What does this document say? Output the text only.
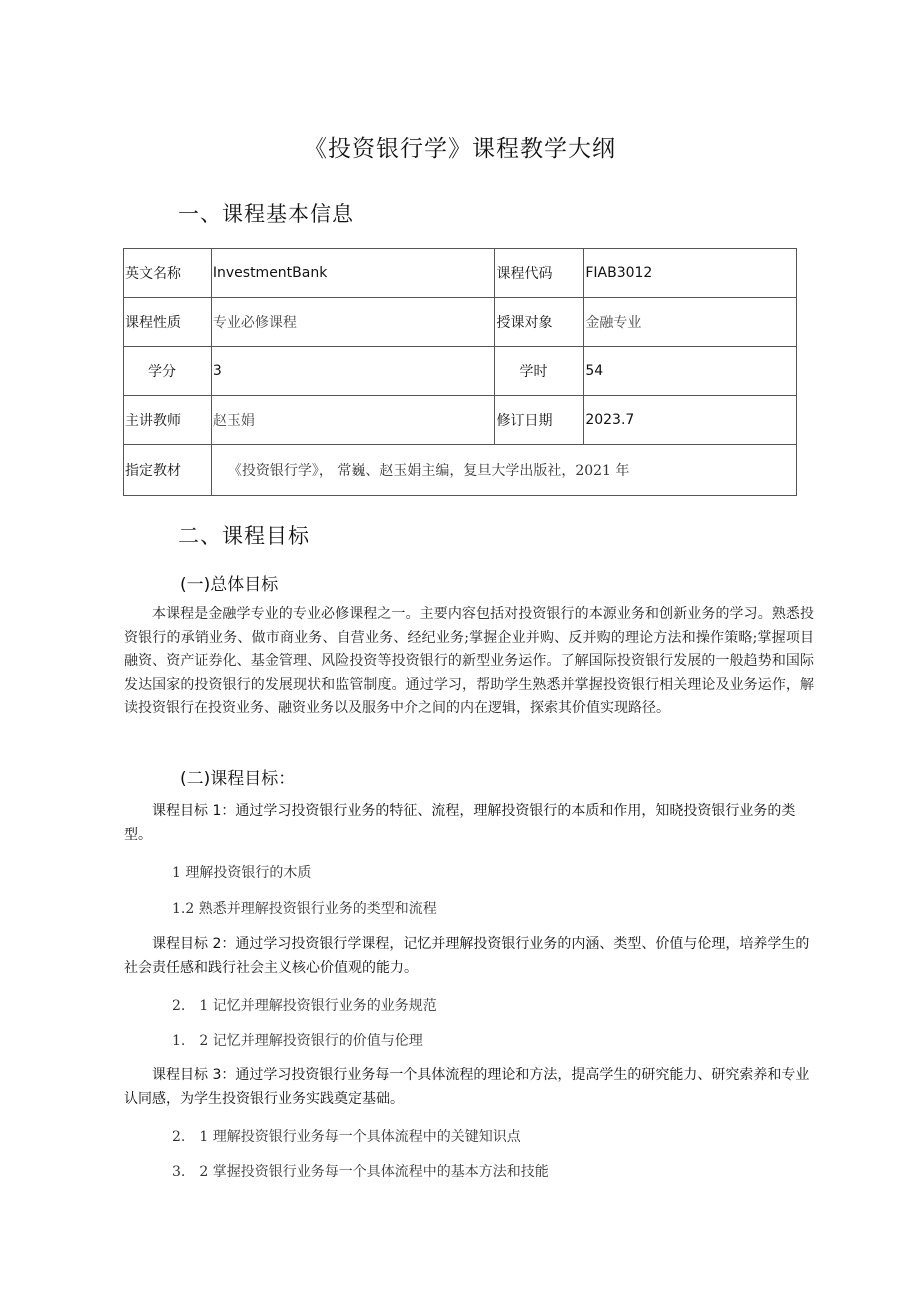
《投资银行学》课程教学大纲
一、课程基本信息
英文名称	InvestmentBank	课程代码	FIAB3012
课程性质	专业必修课程	授课对象	金融专业
学分	3	学时	54
主讲教师	赵玉娟	修订日期	2023.7
指定教材	《投资银行学》， 常巍、赵玉娟主编，复旦大学出版社，2021 年		
二、课程目标
(一)总体目标
本课程是金融学专业的专业必修课程之一。主要内容包括对投资银行的本源业务和创新业务的学习。熟悉投资银行的承销业务、做市商业务、自营业务、经纪业务;掌握企业并购、反并购的理论方法和操作策略;掌握项目融资、资产证券化、基金管理、风险投资等投资银行的新型业务运作。了解国际投资银行发展的一般趋势和国际发达国家的投资银行的发展现状和监管制度。通过学习，帮助学生熟悉并掌握投资银行相关理论及业务运作，解读投资银行在投资业务、融资业务以及服务中介之间的内在逻辑，探索其价值实现路径。
(二)课程目标：
课程目标 1：通过学习投资银行业务的特征、流程，理解投资银行的本质和作用，知晓投资银行业务的类型。
1 理解投资银行的木质
1.2 熟悉并理解投资银行业务的类型和流程
课程目标 2：通过学习投资银行学课程，记忆并理解投资银行业务的内涵、类型、价值与伦理，培养学生的社会责任感和践行社会主义核心价值观的能力。
2.　1 记忆并理解投资银行业务的业务规范
1.　2 记忆并理解投资银行的价值与伦理
课程目标 3：通过学习投资银行业务每一个具体流程的理论和方法，提高学生的研究能力、研究索养和专业认同感，为学生投资银行业务实践奠定基础。
2.　1 理解投资银行业务每一个具体流程中的关键知识点
3.　2 掌握投资银行业务每一个具体流程中的基本方法和技能
